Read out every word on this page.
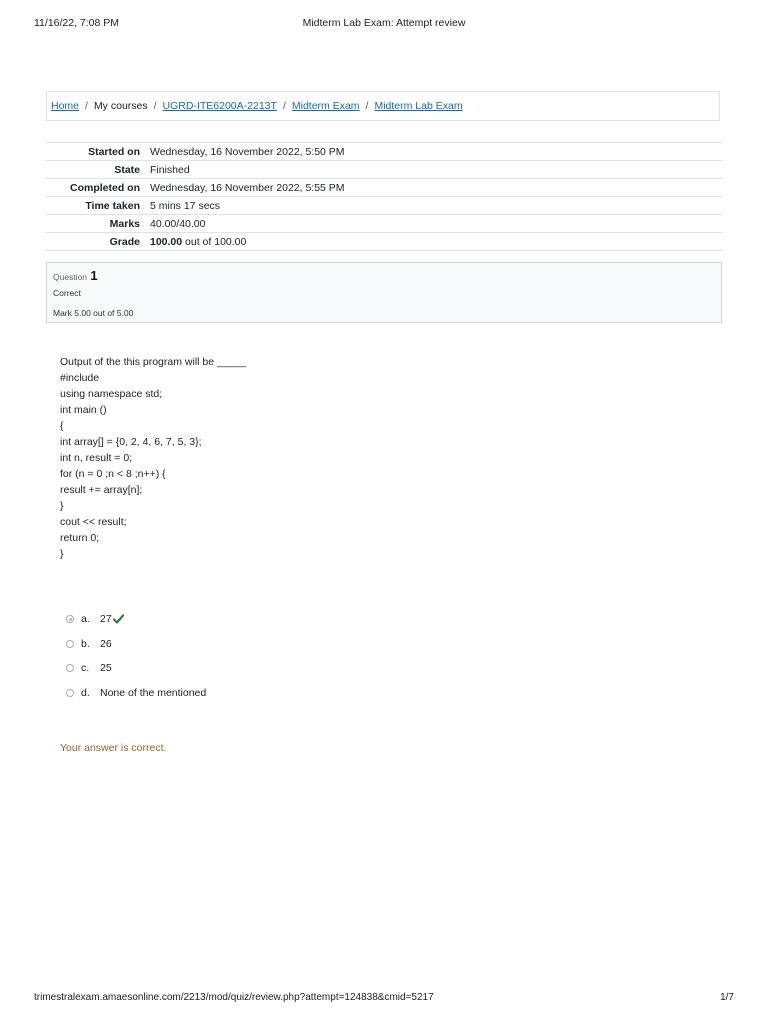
11/16/22, 7:08 PM	Midterm Lab Exam: Attempt review
Home / My courses / UGRD-ITE6200A-2213T / Midterm Exam / Midterm Lab Exam
Started on	Wednesday, 16 November 2022, 5:50 PM
State	Finished
Completed on	Wednesday, 16 November 2022, 5:55 PM
Time taken	5 mins 17 secs
Marks	40.00/40.00
Grade	100.00 out of 100.00
Question 1
Correct
Mark 5.00 out of 5.00
Output of the this program will be _____
#include
using namespace std;
int main ()
{
int array[] = {0, 2, 4, 6, 7, 5, 3};
int n, result = 0;
for (n = 0 ;n < 8 ;n++) {
result += array[n];
}
cout << result;
return 0;
}
a. 27
b. 26
c.	25
d. None of the mentioned
Your answer is correct.
trimestralexam.amaesonline.com/2213/mod/quiz/review.php?attempt=124838&cmid=5217	1/7
